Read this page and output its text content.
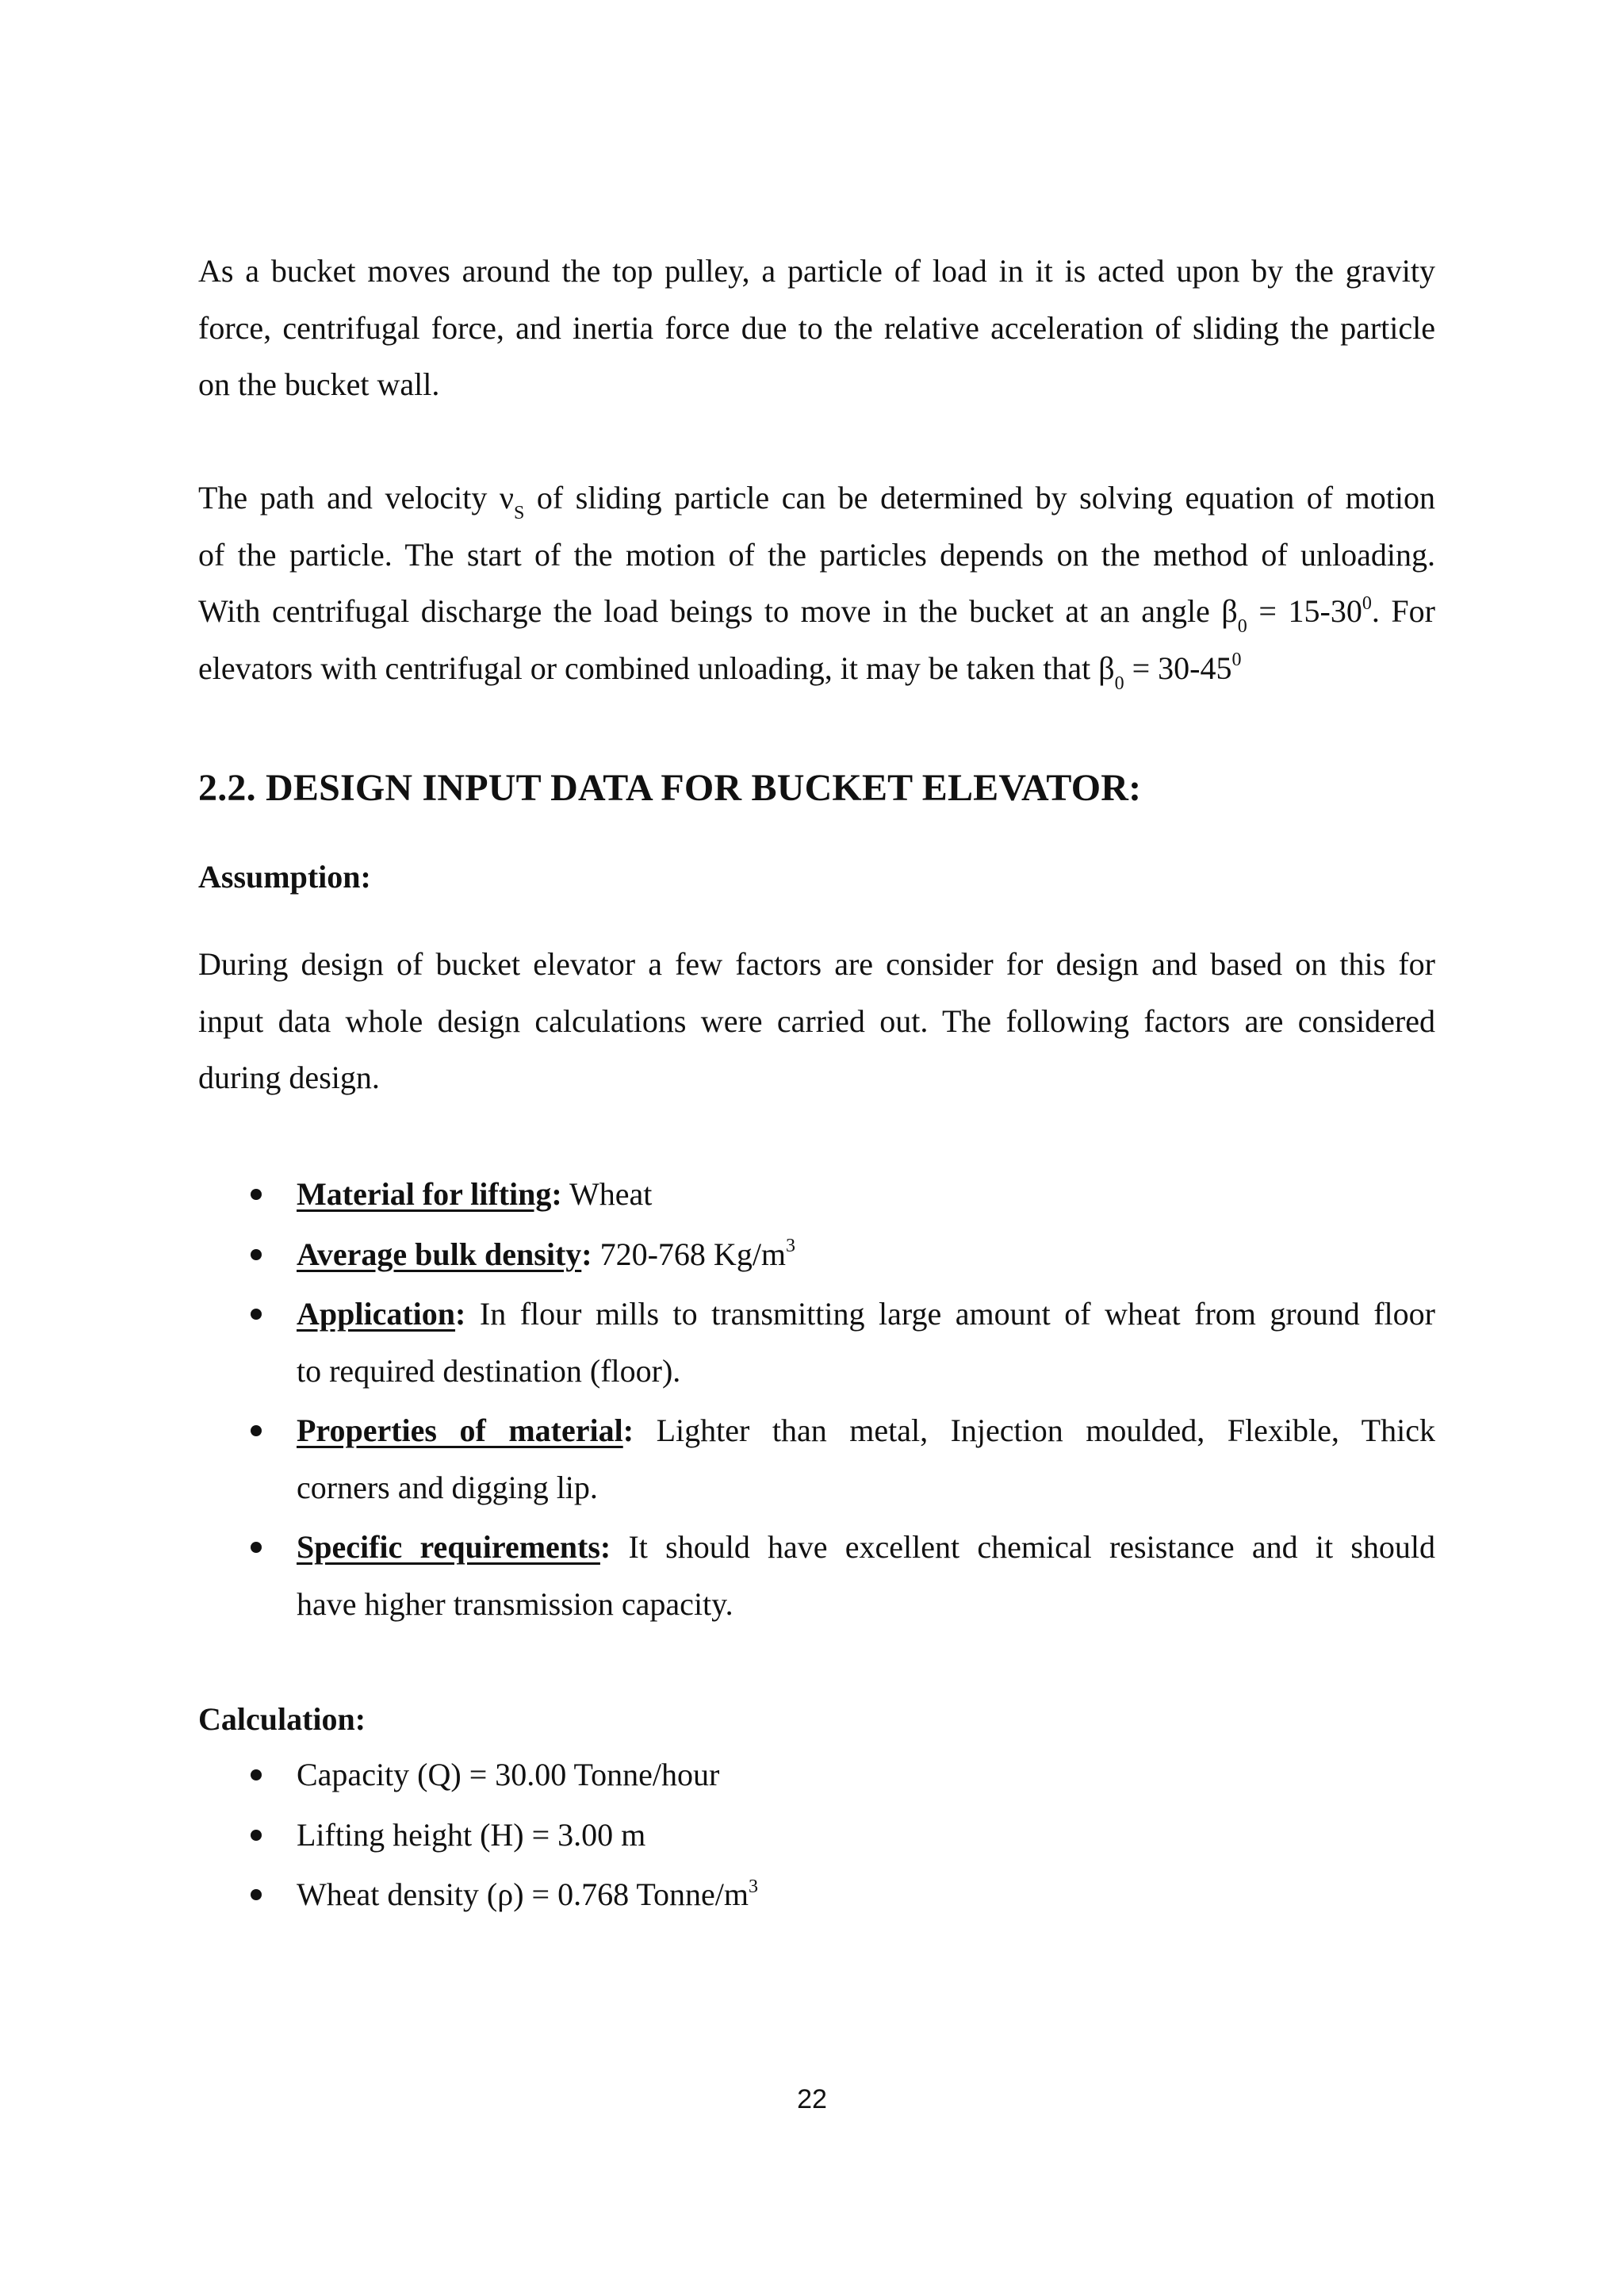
As a bucket moves around the top pulley, a particle of load in it is acted upon by the gravity
force, centrifugal force, and inertia force due to the relative acceleration of sliding the particle
on the bucket wall.

The path and velocity $\nu_S$ of sliding particle can be determined by solving equation of motion
of the particle. The start of the motion of the particles depends on the method of unloading.
With centrifugal discharge the load beings to move in the bucket at an angle $\beta_0 = 15-30^0$. For
elevators with centrifugal or combined unloading, it may be taken that $\beta_0 = 30-45^0$

2.2. DESIGN INPUT DATA FOR BUCKET ELEVATOR:
Assumption:

During design of bucket elevator a few factors are consider for design and based on this for
input data whole design calculations were carried out. The following factors are considered
during design.

Material for lifting: Wheat
Average bulk density: 720-768 $Kg/m^3$
Application: In flour mills to transmitting large amount of wheat from ground floor
to required destination (floor).
Properties of material: Lighter than metal, Injection moulded, Flexible, Thick
corners and digging lip.
Specific requirements: It should have excellent chemical resistance and it should
have higher transmission capacity.
Calculation:
Capacity (Q) = 30.00 Tonne/hour
Lifting height (H) = 3.00 m
Wheat density (ρ) = 0.768 Tonne/$m^3$
22
